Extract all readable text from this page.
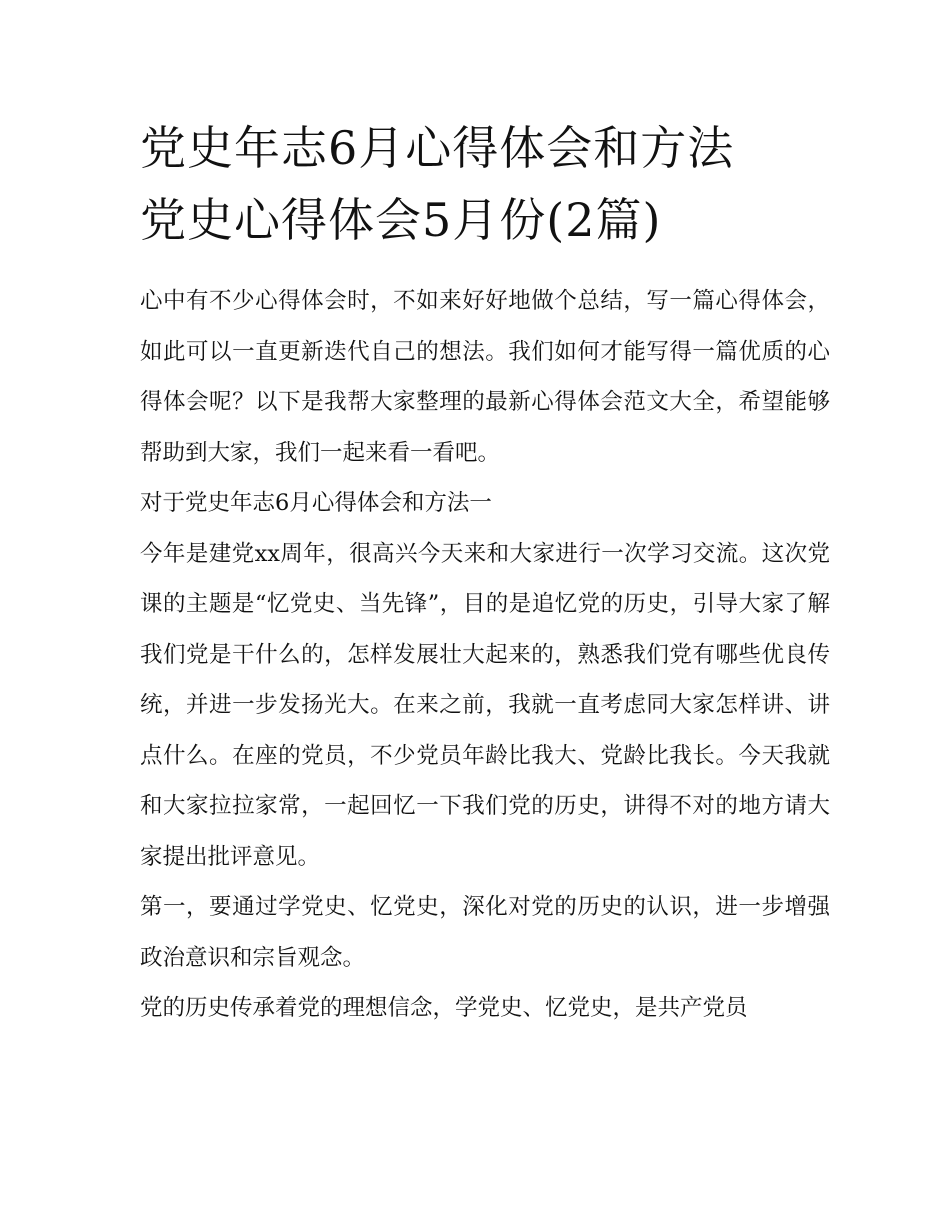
党史年志6月心得体会和方法
党史心得体会5月份(2篇)

心中有不少心得体会时，不如来好好地做个总结，写一篇心得体会，如此可以一直更新迭代自己的想法。我们如何才能写得一篇优质的心得体会呢？以下是我帮大家整理的最新心得体会范文大全，希望能够帮助到大家，我们一起来看一看吧。

对于党史年志6月心得体会和方法一

今年是建党xx周年，很高兴今天来和大家进行一次学习交流。这次党课的主题是“忆党史、当先锋”，目的是追忆党的历史，引导大家了解我们党是干什么的，怎样发展壮大起来的，熟悉我们党有哪些优良传统，并进一步发扬光大。在来之前，我就一直考虑同大家怎样讲、讲点什么。在座的党员，不少党员年龄比我大、党龄比我长。今天我就和大家拉拉家常，一起回忆一下我们党的历史，讲得不对的地方请大家提出批评意见。

第一，要通过学党史、忆党史，深化对党的历史的认识，进一步增强政治意识和宗旨观念。

党的历史传承着党的理想信念，学党史、忆党史，是共产党员
